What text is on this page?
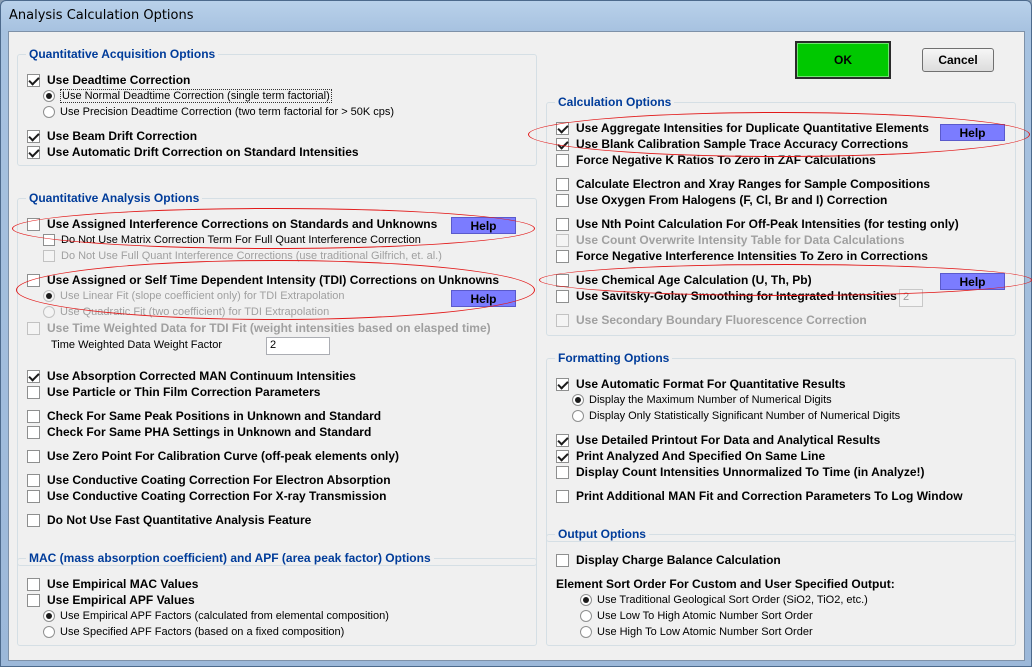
Analysis Calculation Options
Quantitative Acquisition Options
Use Deadtime Correction
Use Normal Deadtime Correction (single term factorial)
Use Precision Deadtime Correction (two term factorial for > 50K cps)
Use Beam Drift Correction
Use Automatic Drift Correction on Standard Intensities
Quantitative Analysis Options
Use Assigned Interference Corrections on Standards and Unknowns	Help
Do Not Use Matrix Correction Term For Full Quant Interference Correction
Do Not Use Full Quant Interference Corrections (use traditional Gilfrich, et. al.)
Use Assigned or Self Time Dependent Intensity (TDI) Corrections on Unknowns
Use Linear Fit (slope coefficient only) for TDI Extrapolation	Help
Use Quadratic Fit (two coefficient) for TDI Extrapolation
Use Time Weighted Data for TDI Fit (weight intensities based on elasped time)
Time Weighted Data Weight Factor	2
Use Absorption Corrected MAN Continuum Intensities
Use Particle or Thin Film Correction Parameters
Check For Same Peak Positions in Unknown and Standard
Check For Same PHA Settings in Unknown and Standard
Use Zero Point For Calibration Curve (off-peak elements only)
Use Conductive Coating Correction For Electron Absorption
Use Conductive Coating Correction For X-ray Transmission
Do Not Use Fast Quantitative Analysis Feature
MAC (mass absorption coefficient) and APF (area peak factor) Options
Use Empirical MAC Values
Use Empirical APF Values
Use Empirical APF Factors (calculated from elemental composition)
Use Specified APF Factors (based on a fixed composition)
OK	Cancel
Calculation Options
Use Aggregate Intensities for Duplicate Quantitative Elements	Help
Use Blank Calibration Sample Trace Accuracy Corrections
Force Negative K Ratios To Zero in ZAF Calculations
Calculate Electron and Xray Ranges for Sample Compositions
Use Oxygen From Halogens (F, Cl, Br and I) Correction
Use Nth Point Calculation For Off-Peak Intensities (for testing only)
Use Count Overwrite Intensity Table for Data Calculations
Force Negative Interference Intensities To Zero in Corrections
Use Chemical Age Calculation (U, Th, Pb)	Help
Use Savitsky-Golay Smoothing for Integrated Intensities 2
Use Secondary Boundary Fluorescence Correction
Formatting Options
Use Automatic Format For Quantitative Results
Display the Maximum Number of Numerical Digits
Display Only Statistically Significant Number of Numerical Digits
Use Detailed Printout For Data and Analytical Results
Print Analyzed And Specified On Same Line
Display Count Intensities Unnormalized To Time (in Analyze!)
Print Additional MAN Fit and Correction Parameters To Log Window
Output Options
Display Charge Balance Calculation
Element Sort Order For Custom and User Specified Output:
Use Traditional Geological Sort Order (SiO2, TiO2, etc.)
Use Low To High Atomic Number Sort Order
Use High To Low Atomic Number Sort Order
